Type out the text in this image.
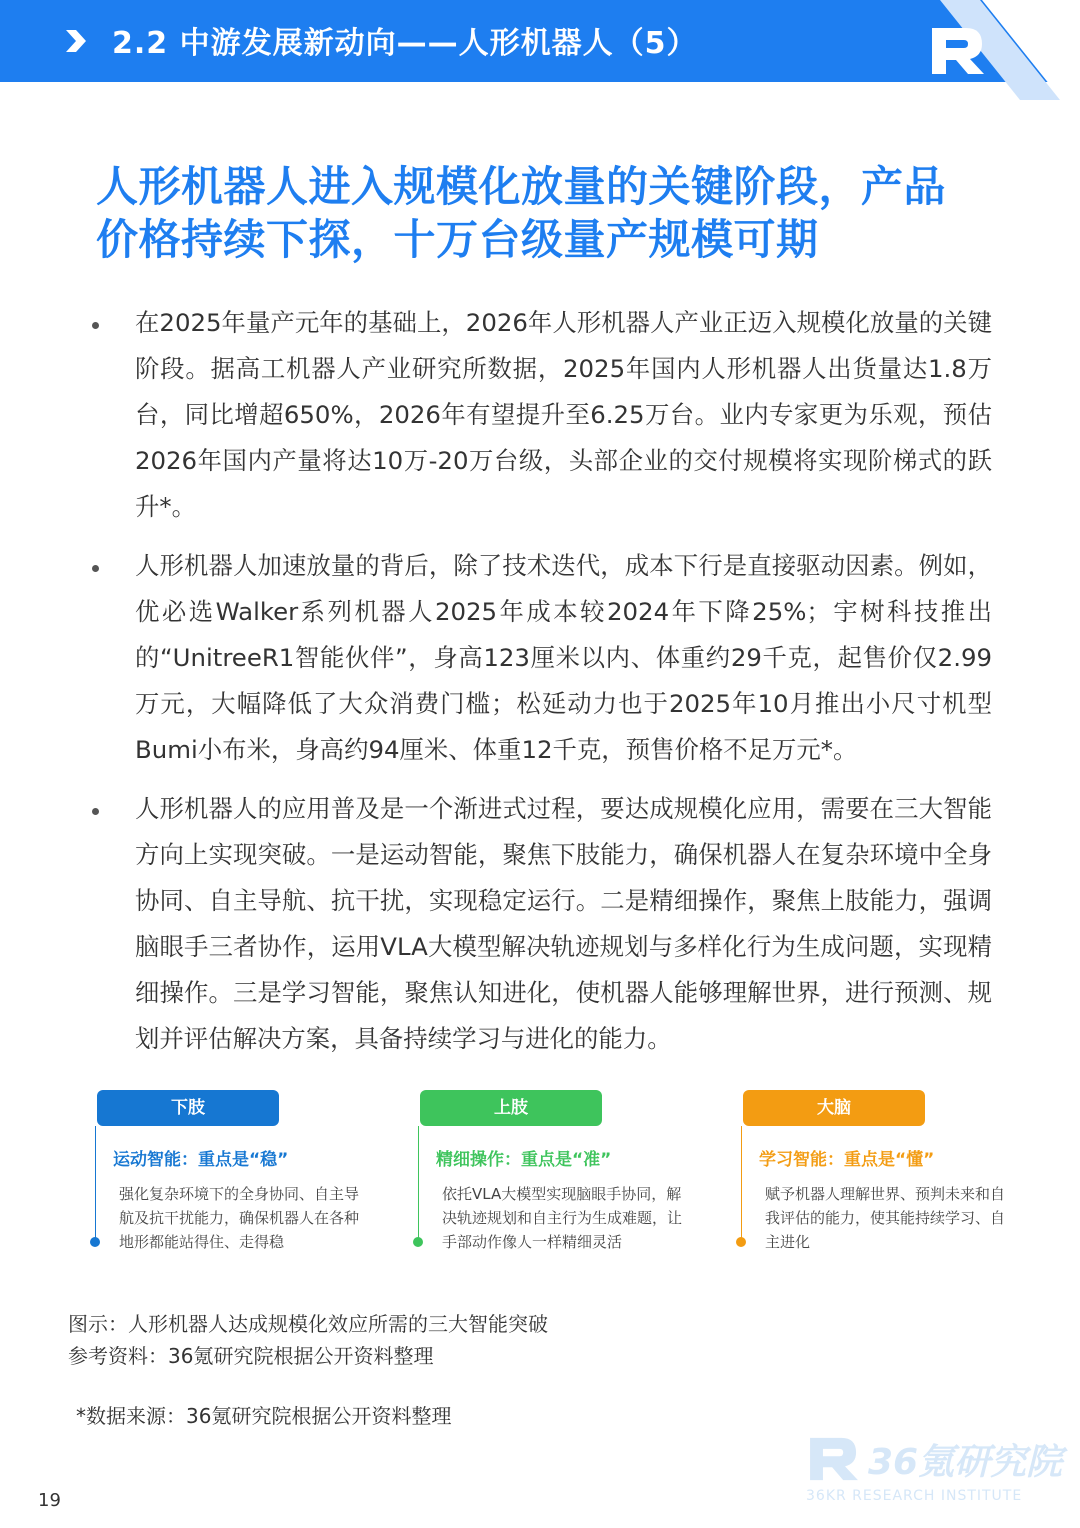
2.2 中游发展新动向——人形机器人（5）
人形机器人进入规模化放量的关键阶段，产品
价格持续下探，十万台级量产规模可期
在2025年量产元年的基础上，2026年人形机器人产业正迈入规模化放量的关键阶段。据高工机器人产业研究所数据，2025年国内人形机器人出货量达1.8万台，同比增超650%，2026年有望提升至6.25万台。业内专家更为乐观，预估2026年国内产量将达10万-20万台级，头部企业的交付规模将实现阶梯式的跃升*。
人形机器人加速放量的背后，除了技术迭代，成本下行是直接驱动因素。例如，优必选Walker系列机器人2025年成本较2024年下降25%；宇树科技推出的“UnitreeR1智能伙伴”，身高123厘米以内、体重约29千克，起售价仅2.99万元，大幅降低了大众消费门槛；松延动力也于2025年10月推出小尺寸机型Bumi小布米，身高约94厘米、体重12千克，预售价格不足万元*。
人形机器人的应用普及是一个渐进式过程，要达成规模化应用，需要在三大智能方向上实现突破。一是运动智能，聚焦下肢能力，确保机器人在复杂环境中全身协同、自主导航、抗干扰，实现稳定运行。二是精细操作，聚焦上肢能力，强调脑眼手三者协作，运用VLA大模型解决轨迹规划与多样化行为生成问题，实现精细操作。三是学习智能，聚焦认知进化，使机器人能够理解世界，进行预测、规划并评估解决方案，具备持续学习与进化的能力。
下肢
运动智能：重点是“稳”
强化复杂环境下的全身协同、自主导航及抗干扰能力，确保机器人在各种地形都能站得住、走得稳
上肢
精细操作：重点是“准”
依托VLA大模型实现脑眼手协同，解决轨迹规划和自主行为生成难题，让手部动作像人一样精细灵活
大脑
学习智能：重点是“懂”
赋予机器人理解世界、预判未来和自我评估的能力，使其能持续学习、自主进化
图示：人形机器人达成规模化效应所需的三大智能突破
参考资料：36氪研究院根据公开资料整理
*数据来源：36氪研究院根据公开资料整理
36氪研究院
36KR RESEARCH INSTITUTE
19
